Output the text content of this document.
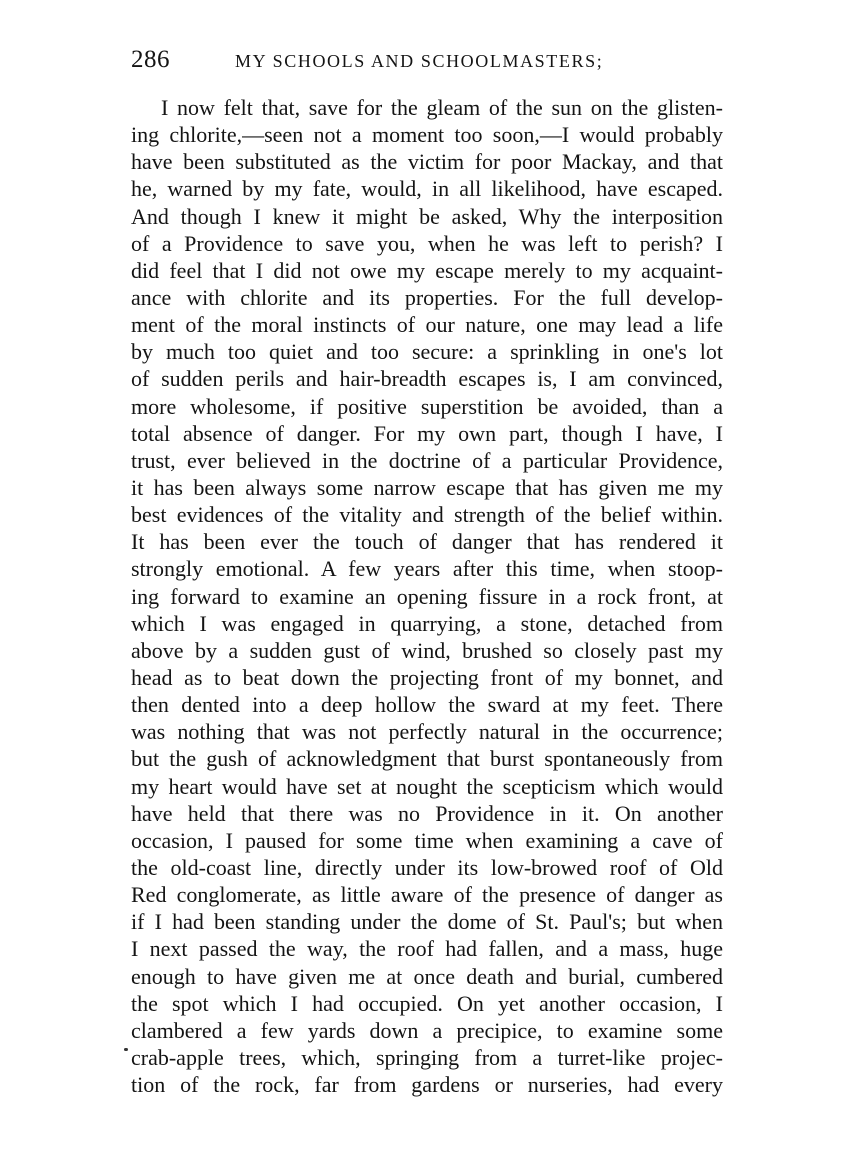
286	MY SCHOOLS AND SCHOOLMASTERS;
I now felt that, save for the gleam of the sun on the glisten-
ing chlorite,—seen not a moment too soon,—I would probably
have been substituted as the victim for poor Mackay, and that
he, warned by my fate, would, in all likelihood, have escaped.
And though I knew it might be asked, Why the interposition
of a Providence to save you, when he was left to perish? I
did feel that I did not owe my escape merely to my acquaint-
ance with chlorite and its properties. For the full develop-
ment of the moral instincts of our nature, one may lead a life
by much too quiet and too secure: a sprinkling in one's lot
of sudden perils and hair-breadth escapes is, I am convinced,
more wholesome, if positive superstition be avoided, than a
total absence of danger. For my own part, though I have, I
trust, ever believed in the doctrine of a particular Providence,
it has been always some narrow escape that has given me my
best evidences of the vitality and strength of the belief within.
It has been ever the touch of danger that has rendered it
strongly emotional. A few years after this time, when stoop-
ing forward to examine an opening fissure in a rock front, at
which I was engaged in quarrying, a stone, detached from
above by a sudden gust of wind, brushed so closely past my
head as to beat down the projecting front of my bonnet, and
then dented into a deep hollow the sward at my feet. There
was nothing that was not perfectly natural in the occurrence;
but the gush of acknowledgment that burst spontaneously from
my heart would have set at nought the scepticism which would
have held that there was no Providence in it. On another
occasion, I paused for some time when examining a cave of
the old-coast line, directly under its low-browed roof of Old
Red conglomerate, as little aware of the presence of danger as
if I had been standing under the dome of St. Paul's; but when
I next passed the way, the roof had fallen, and a mass, huge
enough to have given me at once death and burial, cumbered
the spot which I had occupied. On yet another occasion, I
clambered a few yards down a precipice, to examine some
crab-apple trees, which, springing from a turret-like projec-
tion of the rock, far from gardens or nurseries, had every
